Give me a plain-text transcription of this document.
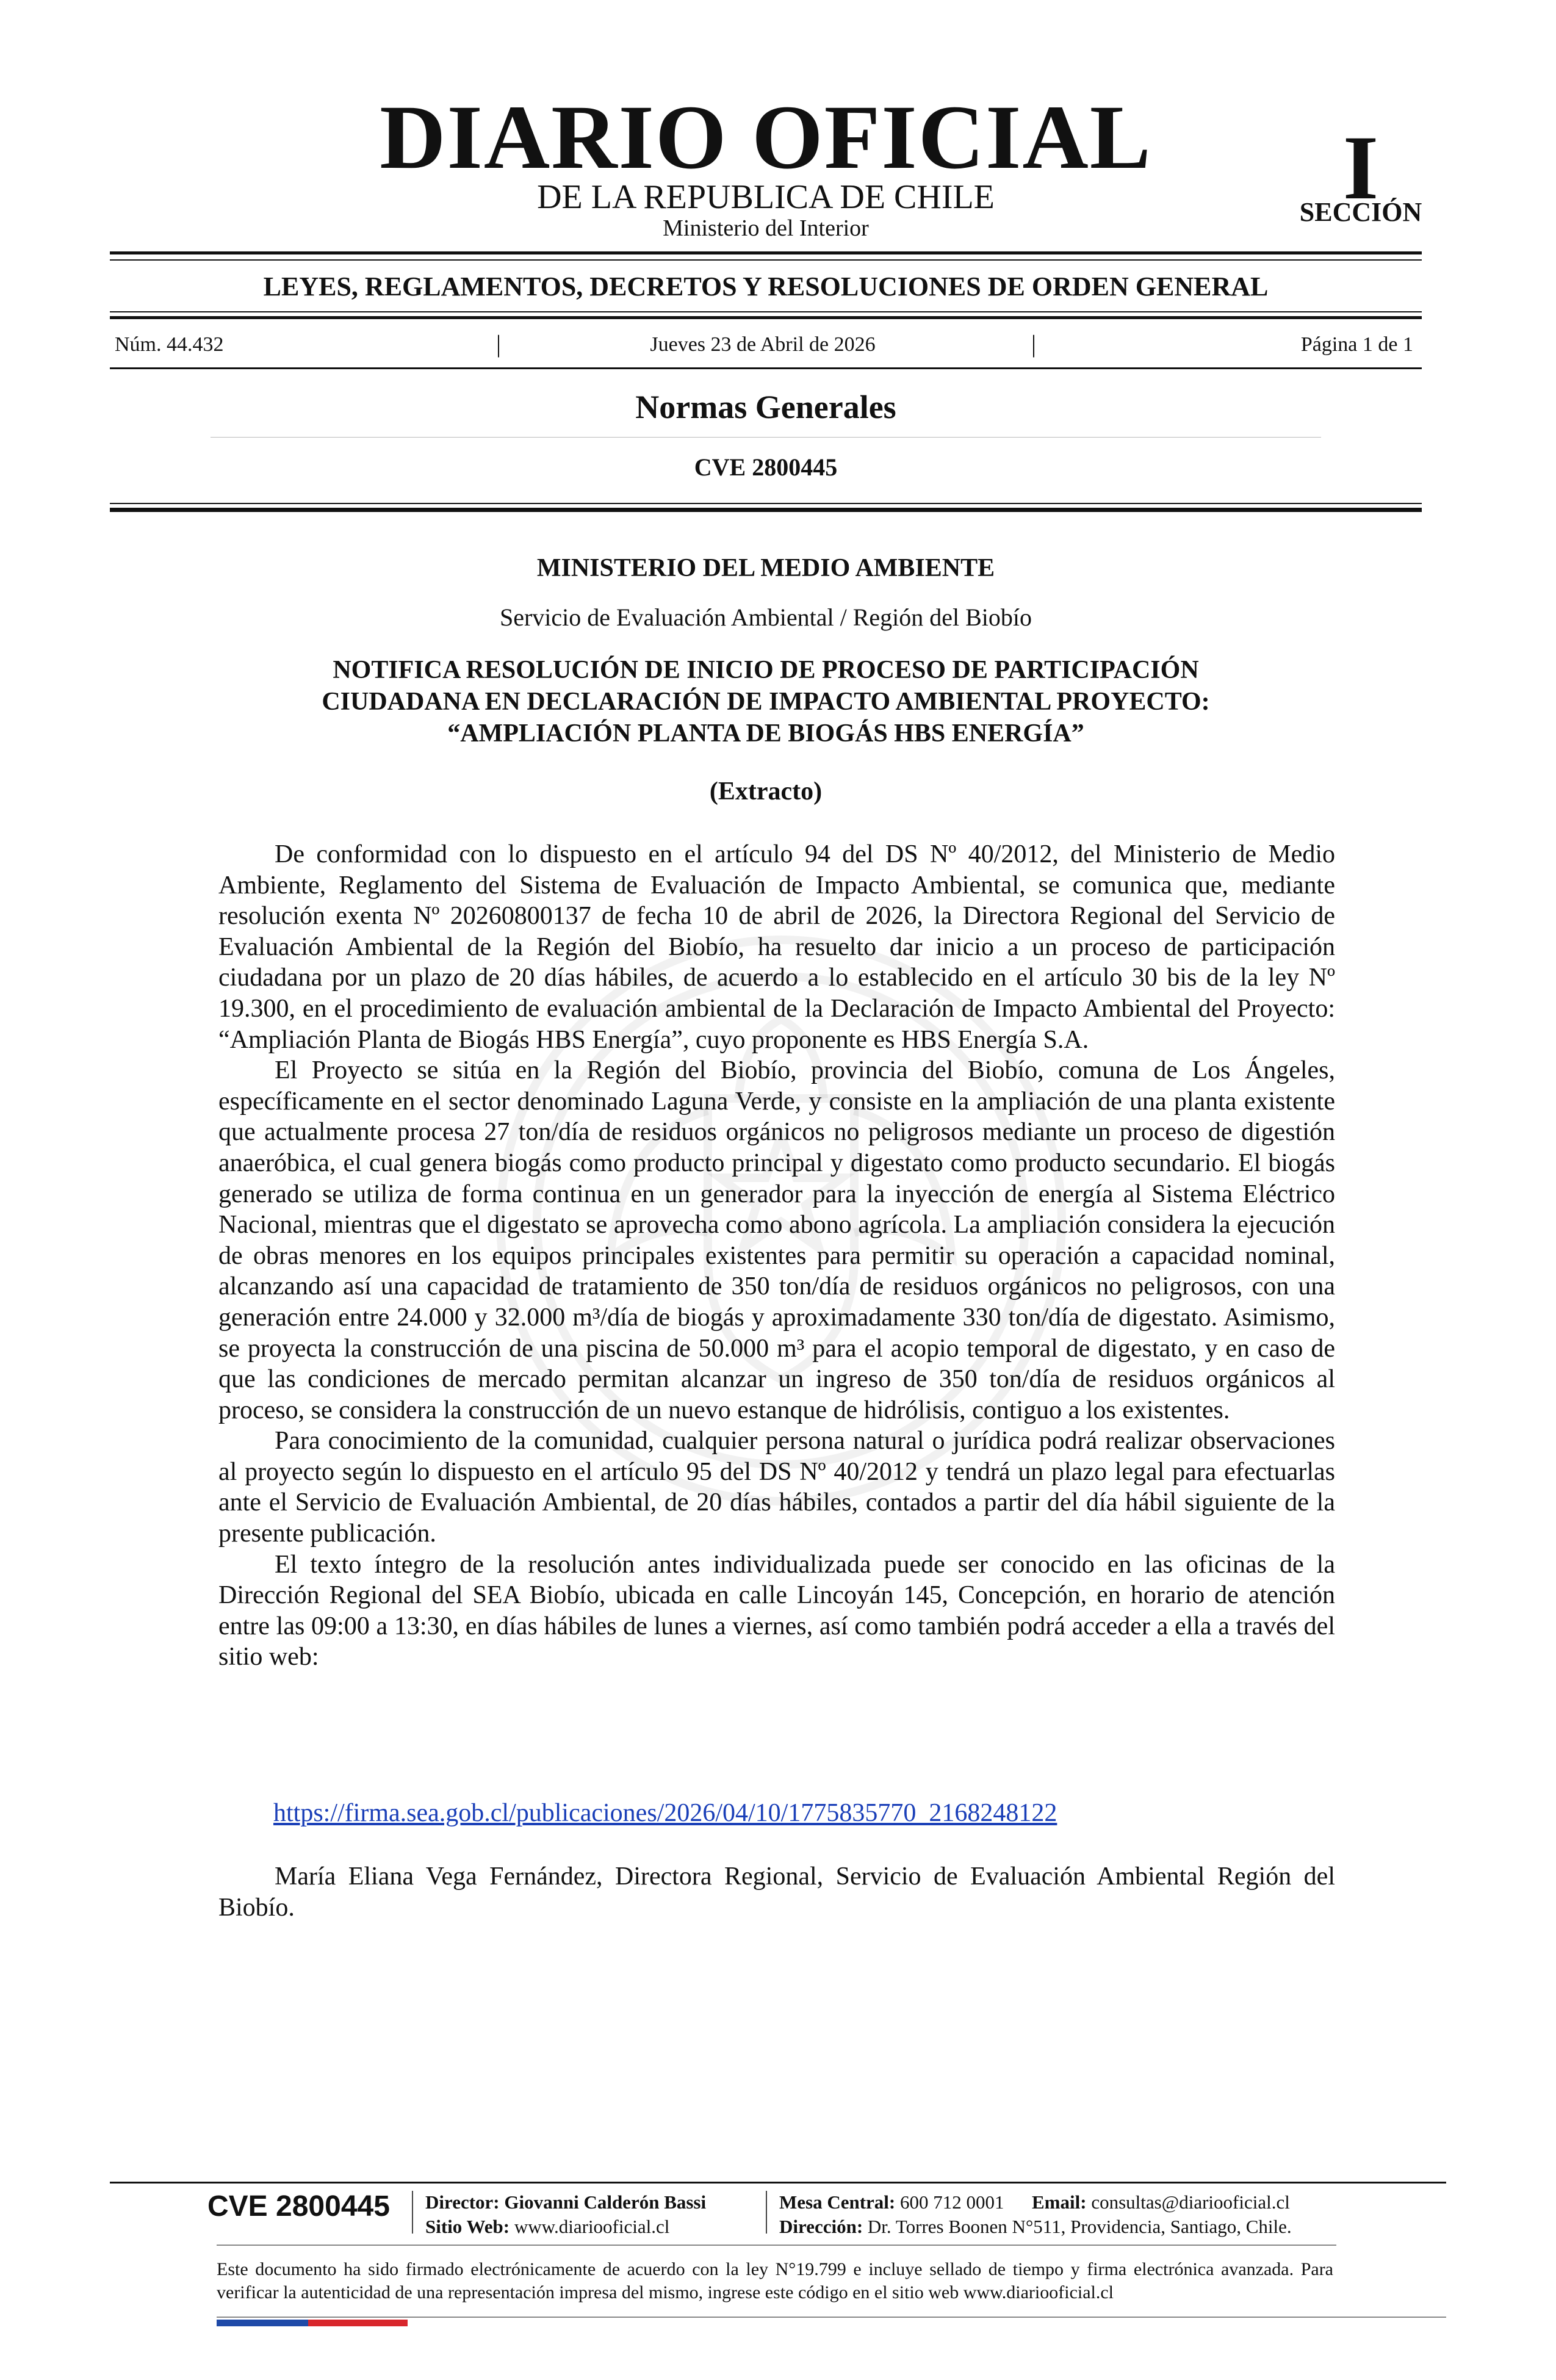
DIARIO OFICIAL
DE LA REPUBLICA DE CHILE
Ministerio del Interior
I
SECCIÓN
LEYES, REGLAMENTOS, DECRETOS Y RESOLUCIONES DE ORDEN GENERAL
Núm. 44.432	|	Jueves 23 de Abril de 2026	|	Página 1 de 1
Normas Generales
CVE 2800445
MINISTERIO DEL MEDIO AMBIENTE
Servicio de Evaluación Ambiental / Región del Biobío
NOTIFICA RESOLUCIÓN DE INICIO DE PROCESO DE PARTICIPACIÓN
CIUDADANA EN DECLARACIÓN DE IMPACTO AMBIENTAL PROYECTO:
“AMPLIACIÓN PLANTA DE BIOGÁS HBS ENERGÍA”
(Extracto)

De conformidad con lo dispuesto en el artículo 94 del DS Nº 40/2012, del Ministerio de Medio Ambiente, Reglamento del Sistema de Evaluación de Impacto Ambiental, se comunica que, mediante resolución exenta Nº 20260800137 de fecha 10 de abril de 2026, la Directora Regional del Servicio de Evaluación Ambiental de la Región del Biobío, ha resuelto dar inicio a un proceso de participación ciudadana por un plazo de 20 días hábiles, de acuerdo a lo establecido en el artículo 30 bis de la ley Nº 19.300, en el procedimiento de evaluación ambiental de la Declaración de Impacto Ambiental del Proyecto: “Ampliación Planta de Biogás HBS Energía”, cuyo proponente es HBS Energía S.A.

El Proyecto se sitúa en la Región del Biobío, provincia del Biobío, comuna de Los Ángeles, específicamente en el sector denominado Laguna Verde, y consiste en la ampliación de una planta existente que actualmente procesa 27 ton/día de residuos orgánicos no peligrosos mediante un proceso de digestión anaeróbica, el cual genera biogás como producto principal y digestato como producto secundario. El biogás generado se utiliza de forma continua en un generador para la inyección de energía al Sistema Eléctrico Nacional, mientras que el digestato se aprovecha como abono agrícola. La ampliación considera la ejecución de obras menores en los equipos principales existentes para permitir su operación a capacidad nominal, alcanzando así una capacidad de tratamiento de 350 ton/día de residuos orgánicos no peligrosos, con una generación entre 24.000 y 32.000 m³/día de biogás y aproximadamente 330 ton/día de digestato. Asimismo, se proyecta la construcción de una piscina de 50.000 m³ para el acopio temporal de digestato, y en caso de que las condiciones de mercado permitan alcanzar un ingreso de 350 ton/día de residuos orgánicos al proceso, se considera la construcción de un nuevo estanque de hidrólisis, contiguo a los existentes.

Para conocimiento de la comunidad, cualquier persona natural o jurídica podrá realizar observaciones al proyecto según lo dispuesto en el artículo 95 del DS Nº 40/2012 y tendrá un plazo legal para efectuarlas ante el Servicio de Evaluación Ambiental, de 20 días hábiles, contados a partir del día hábil siguiente de la presente publicación.

El texto íntegro de la resolución antes individualizada puede ser conocido en las oficinas de la Dirección Regional del SEA Biobío, ubicada en calle Lincoyán 145, Concepción, en horario de atención entre las 09:00 a 13:30, en días hábiles de lunes a viernes, así como también podrá acceder a ella a través del sitio web:

https://firma.sea.gob.cl/publicaciones/2026/04/10/1775835770_2168248122
María Eliana Vega Fernández, Directora Regional, Servicio de Evaluación Ambiental Región del Biobío.
CVE 2800445 Director: Giovanni Calderón Bassi
Sitio Web: www.diariooficial.cl
Mesa Central: 600 712 0001 Email: consultas@diariooficial.cl
Dirección: Dr. Torres Boonen N°511, Providencia, Santiago, Chile.
Este documento ha sido firmado electrónicamente de acuerdo con la ley N°19.799 e incluye sellado de tiempo y firma electrónica avanzada. Para verificar la autenticidad de una representación impresa del mismo, ingrese este código en el sitio web www.diariooficial.cl
